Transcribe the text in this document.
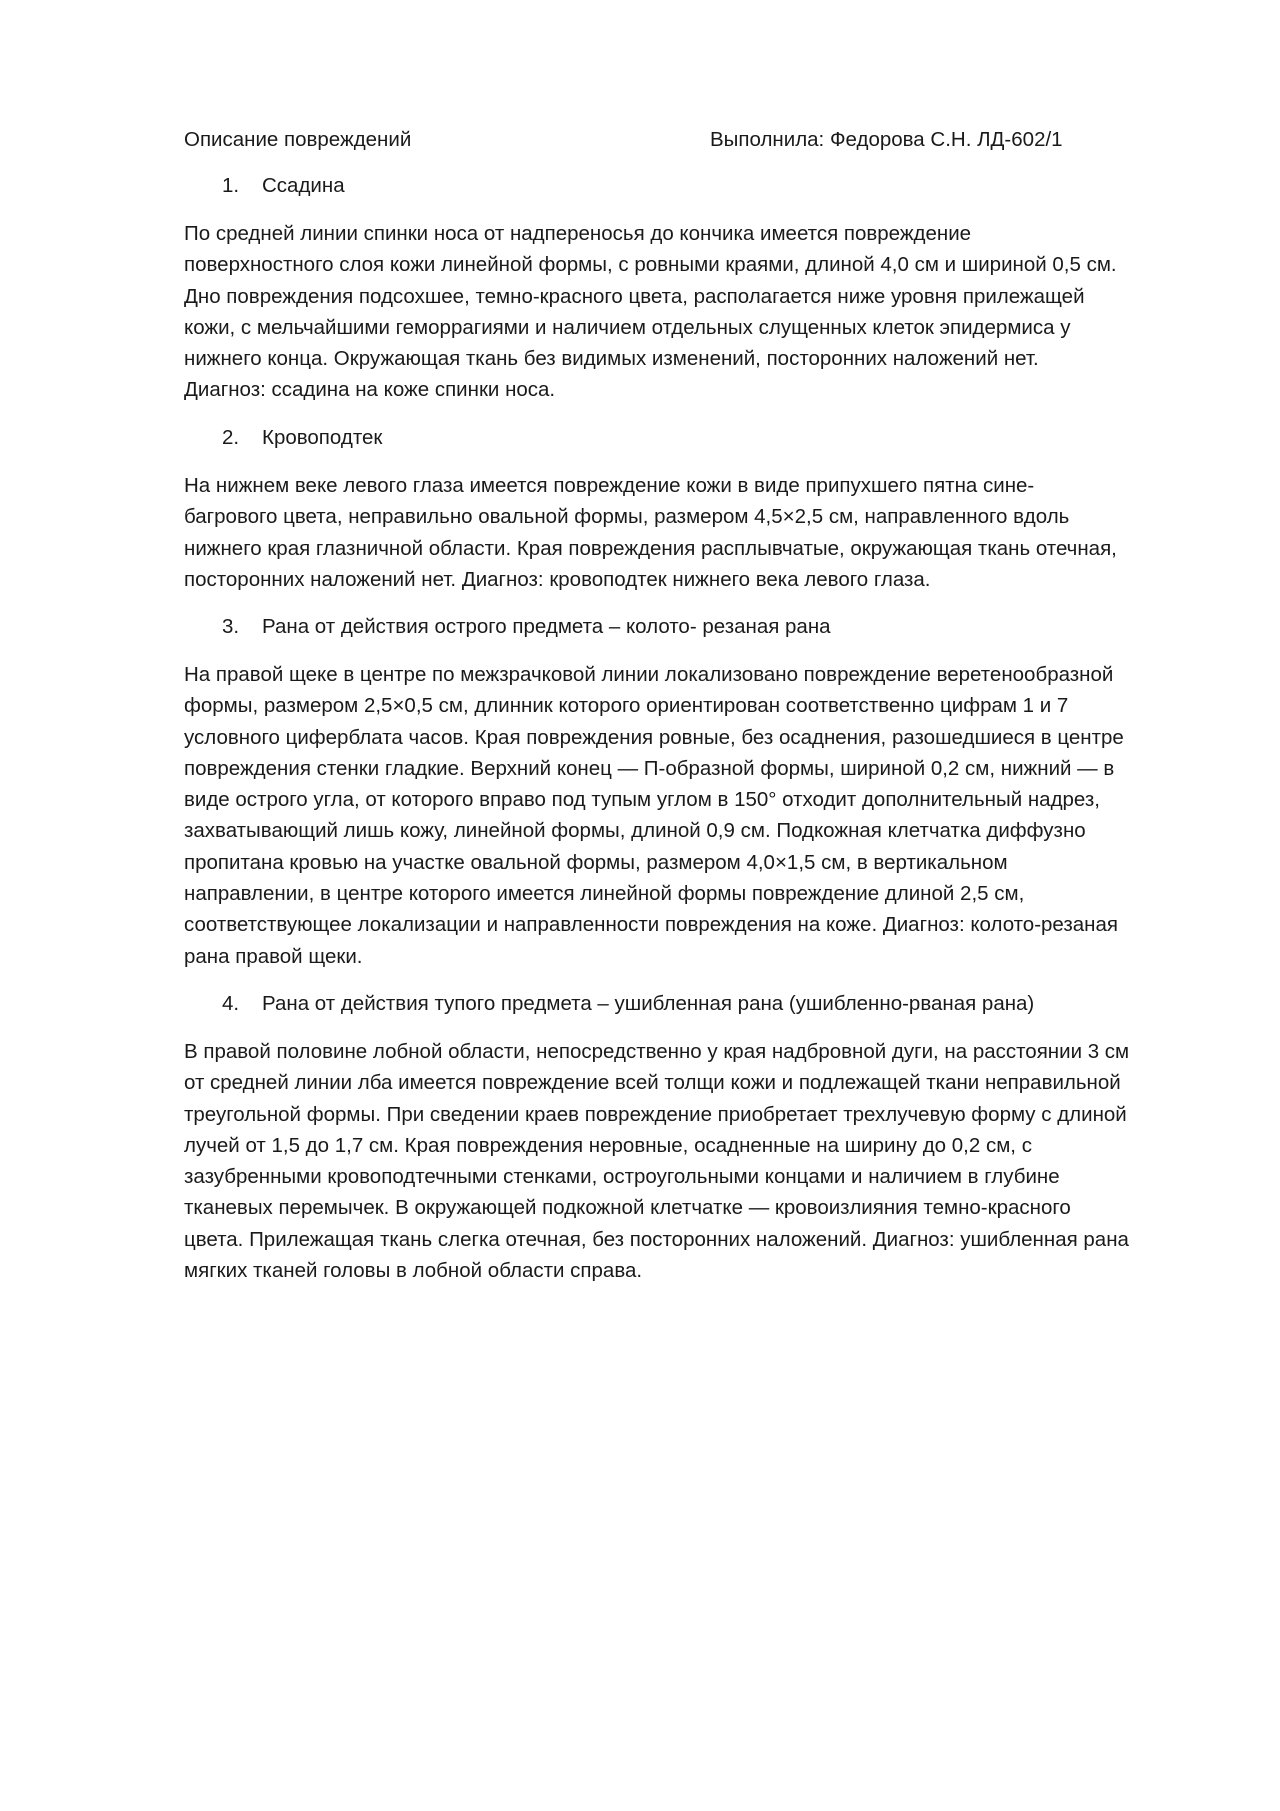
Описание повреждений	Выполнила: Федорова С.Н. ЛД-602/1
1. Ссадина
По средней линии спинки носа от надпереносья до кончика имеется повреждение
поверхностного слоя кожи линейной формы, с ровными краями, длиной 4,0 см и шириной 0,5 см.
Дно повреждения подсохшее, темно-красного цвета, располагается ниже уровня прилежащей
кожи, с мельчайшими геморрагиями и наличием отдельных слущенных клеток эпидермиса у
нижнего конца. Окружающая ткань без видимых изменений, посторонних наложений нет.
Диагноз: ссадина на коже спинки носа.
2. Кровоподтек
На нижнем веке левого глаза имеется повреждение кожи в виде припухшего пятна сине-
багрового цвета, неправильно овальной формы, размером 4,5×2,5 см, направленного вдоль
нижнего края глазничной области. Края повреждения расплывчатые, окружающая ткань отечная,
посторонних наложений нет. Диагноз: кровоподтек нижнего века левого глаза.
3. Рана от действия острого предмета – колото- резаная рана
На правой щеке в центре по межзрачковой линии локализовано повреждение веретенообразной
формы, размером 2,5×0,5 см, длинник которого ориентирован соответственно цифрам 1 и 7
условного циферблата часов. Края повреждения ровные, без осаднения, разошедшиеся в центре
повреждения стенки гладкие. Верхний конец — П-образной формы, шириной 0,2 см, нижний — в
виде острого угла, от которого вправо под тупым углом в 150° отходит дополнительный надрез,
захватывающий лишь кожу, линейной формы, длиной 0,9 см. Подкожная клетчатка диффузно
пропитана кровью на участке овальной формы, размером 4,0×1,5 см, в вертикальном
направлении, в центре которого имеется линейной формы повреждение длиной 2,5 см,
соответствующее локализации и направленности повреждения на коже. Диагноз: колото-резаная
рана правой щеки.
4. Рана от действия тупого предмета – ушибленная рана (ушибленно-рваная рана)
В правой половине лобной области, непосредственно у края надбровной дуги, на расстоянии 3 см
от средней линии лба имеется повреждение всей толщи кожи и подлежащей ткани неправильной
треугольной формы. При сведении краев повреждение приобретает трехлучевую форму с длиной
лучей от 1,5 до 1,7 см. Края повреждения неровные, осадненные на ширину до 0,2 см, с
зазубренными кровоподтечными стенками, остроугольными концами и наличием в глубине
тканевых перемычек. В окружающей подкожной клетчатке — кровоизлияния темно-красного
цвета. Прилежащая ткань слегка отечная, без посторонних наложений. Диагноз: ушибленная рана
мягких тканей головы в лобной области справа.
